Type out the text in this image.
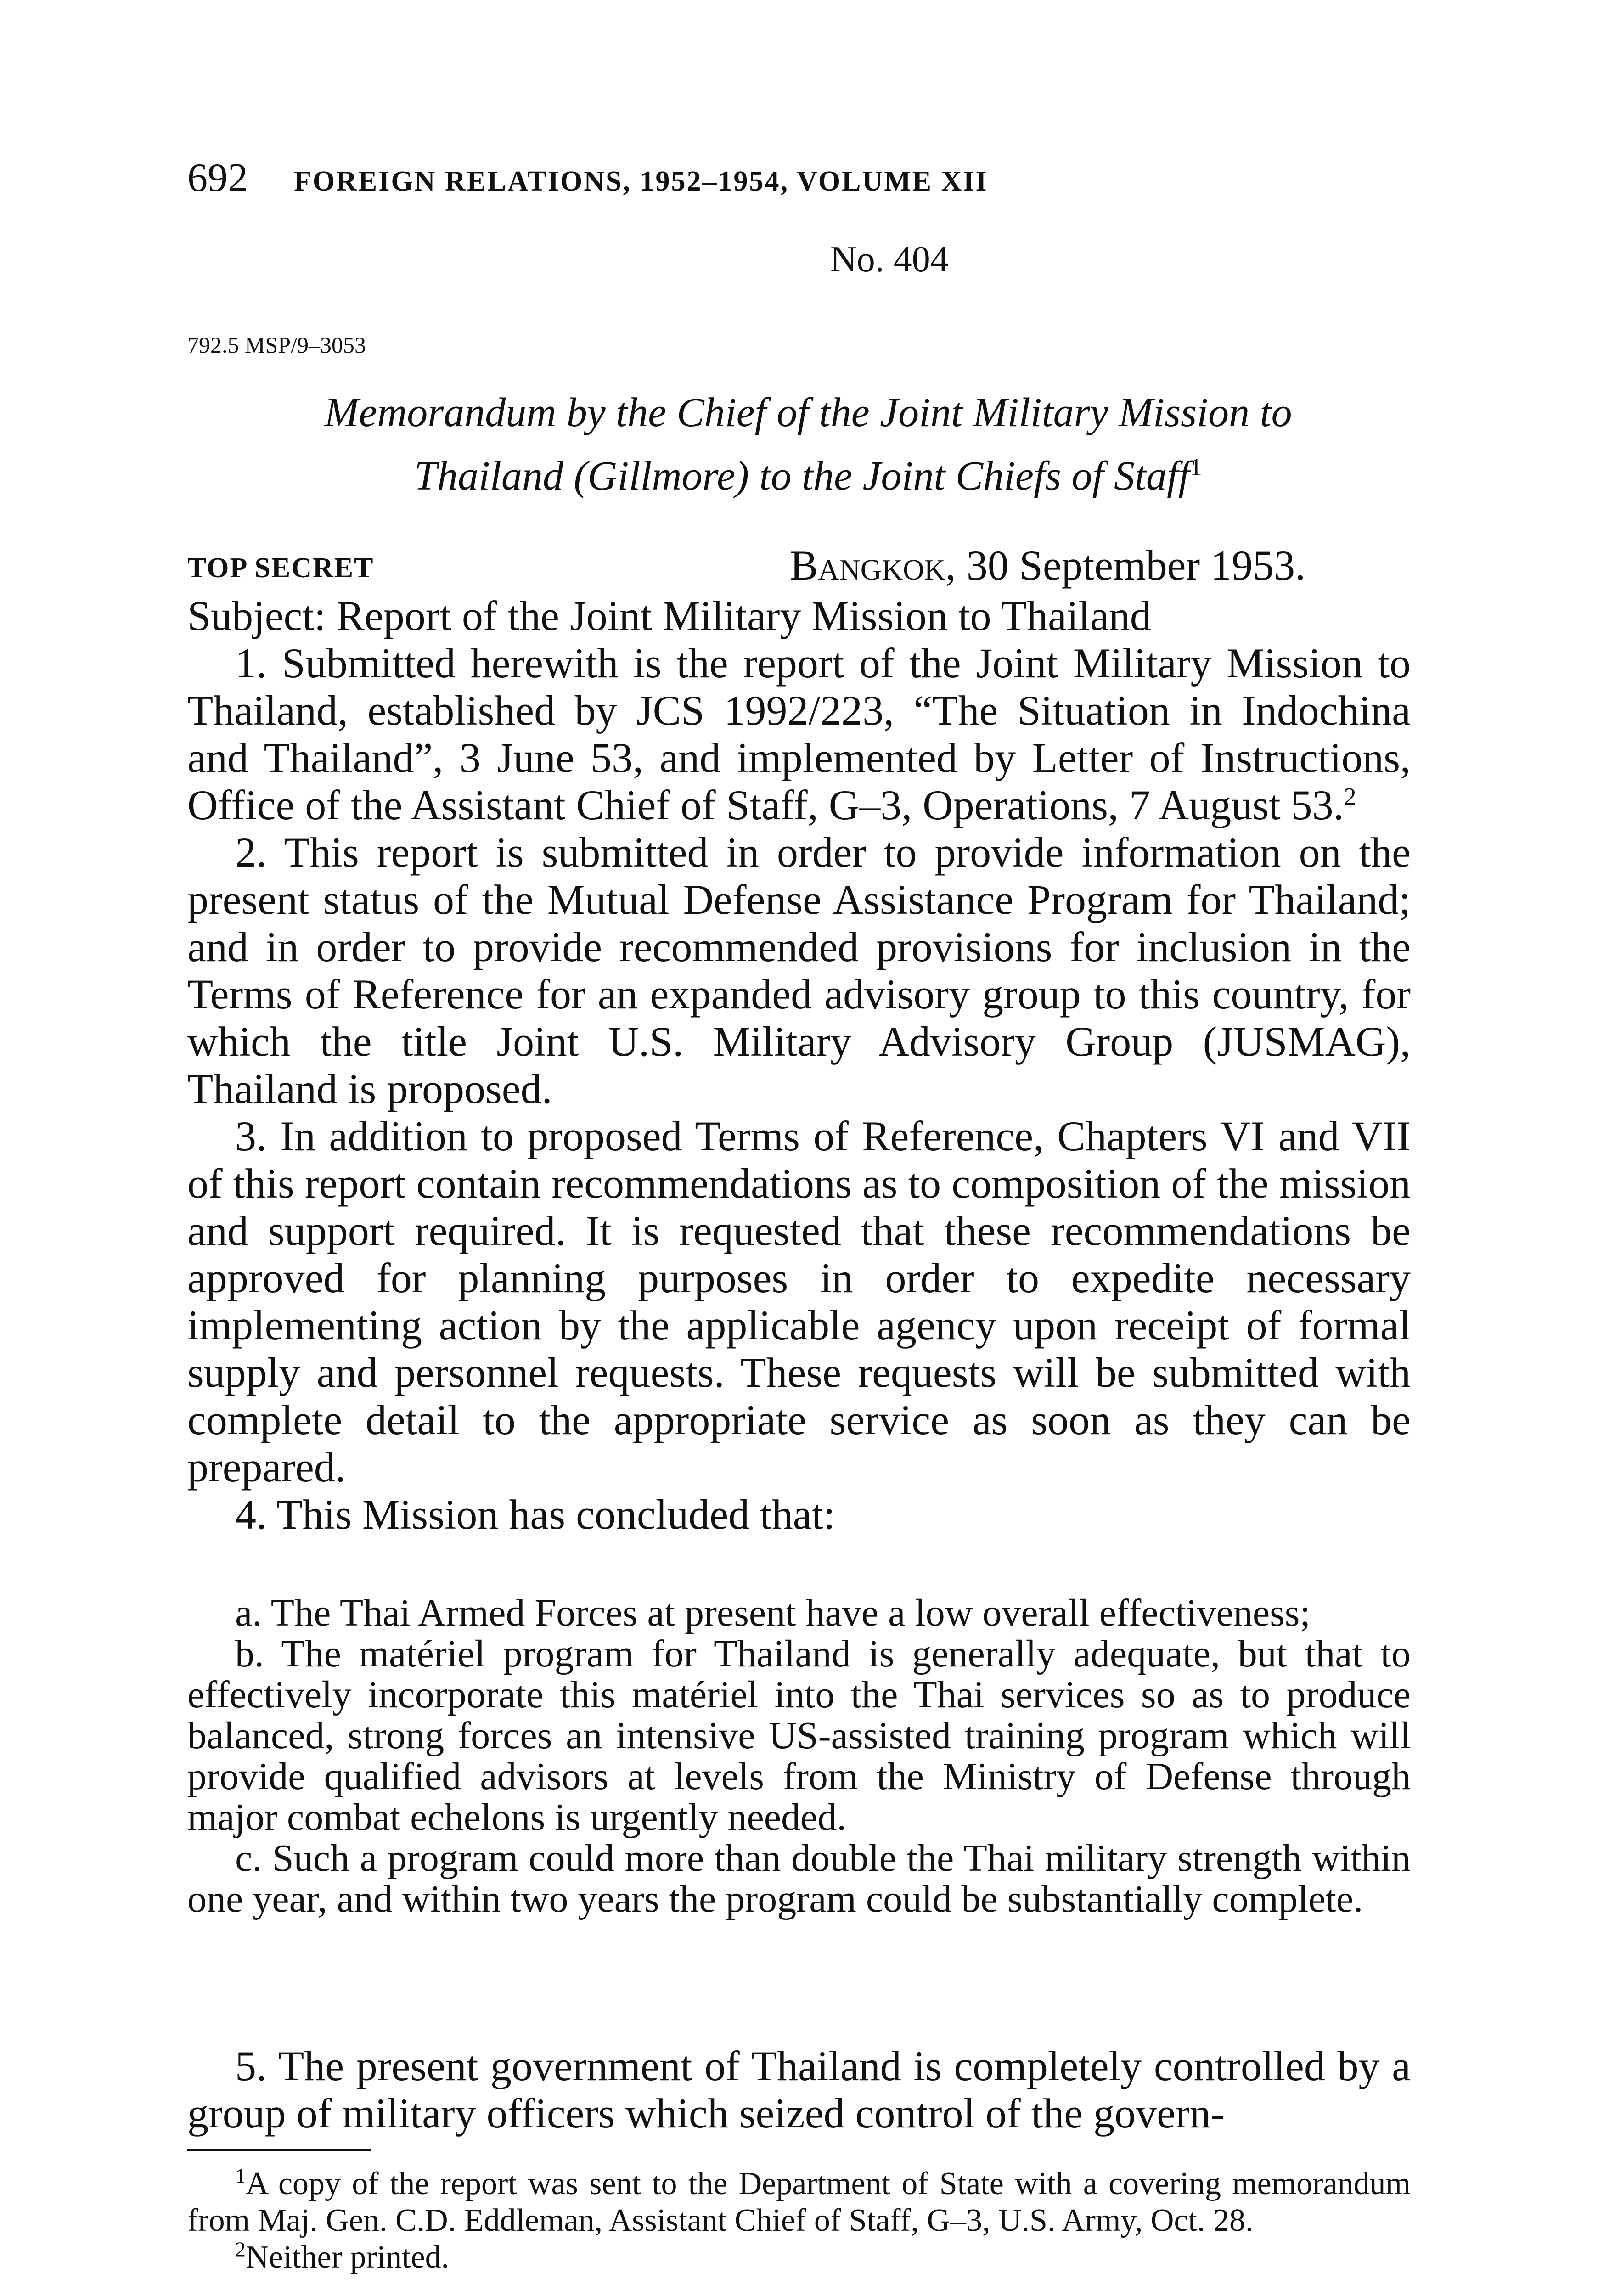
692 FOREIGN RELATIONS, 1952–1954, VOLUME XII
No. 404
792.5 MSP/9–3053
Memorandum by the Chief of the Joint Military Mission to
Thailand (Gillmore) to the Joint Chiefs of Staff$^1$
TOP SECRET	Bangkok, 30 September 1953.

Subject: Report of the Joint Military Mission to Thailand

1. Submitted herewith is the report of the Joint Military Mission to Thailand, established by JCS 1992/223, “The Situation in Indochina and Thailand”, 3 June 53, and implemented by Letter of Instructions, Office of the Assistant Chief of Staff, G–3, Operations, 7 August 53.$^2$

2. This report is submitted in order to provide information on the present status of the Mutual Defense Assistance Program for Thailand; and in order to provide recommended provisions for inclusion in the Terms of Reference for an expanded advisory group to this country, for which the title Joint U.S. Military Advisory Group (JUSMAG), Thailand is proposed.

3. In addition to proposed Terms of Reference, Chapters VI and VII of this report contain recommendations as to composition of the mission and support required. It is requested that these recommendations be approved for planning purposes in order to expedite necessary implementing action by the applicable agency upon receipt of formal supply and personnel requests. These requests will be submitted with complete detail to the appropriate service as soon as they can be prepared.

4. This Mission has concluded that:

a. The Thai Armed Forces at present have a low overall effectiveness;

b. The matériel program for Thailand is generally adequate, but that to effectively incorporate this matériel into the Thai services so as to produce balanced, strong forces an intensive US-assisted training program which will provide qualified advisors at levels from the Ministry of Defense through major combat echelons is urgently needed.

c. Such a program could more than double the Thai military strength within one year, and within two years the program could be substantially complete.

5. The present government of Thailand is completely controlled by a group of military officers which seized control of the govern-

$^1$A copy of the report was sent to the Department of State with a covering memorandum from Maj. Gen. C.D. Eddleman, Assistant Chief of Staff, G–3, U.S. Army, Oct. 28.

$^2$Neither printed.
